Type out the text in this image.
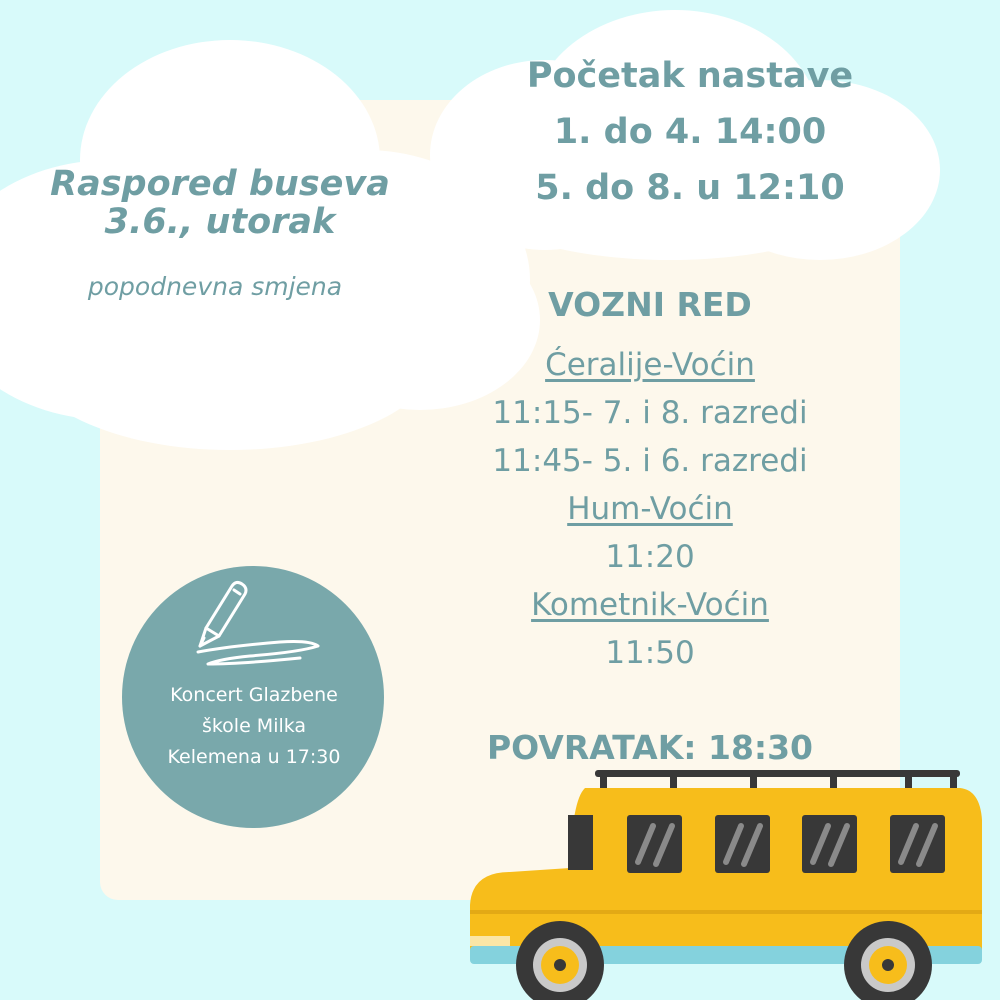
Raspored buseva
3.6., utorak
popodnevna smjena
Početak nastave
1. do 4. 14:00
5. do 8. u 12:10
VOZNI RED
Ćeralije-Voćin
11:15- 7. i 8. razredi
11:45- 5. i 6. razredi
Hum-Voćin
11:20
Kometnik-Voćin
11:50
POVRATAK: 18:30
Koncert Glazbene
škole Milka
Kelemena u 17:30
